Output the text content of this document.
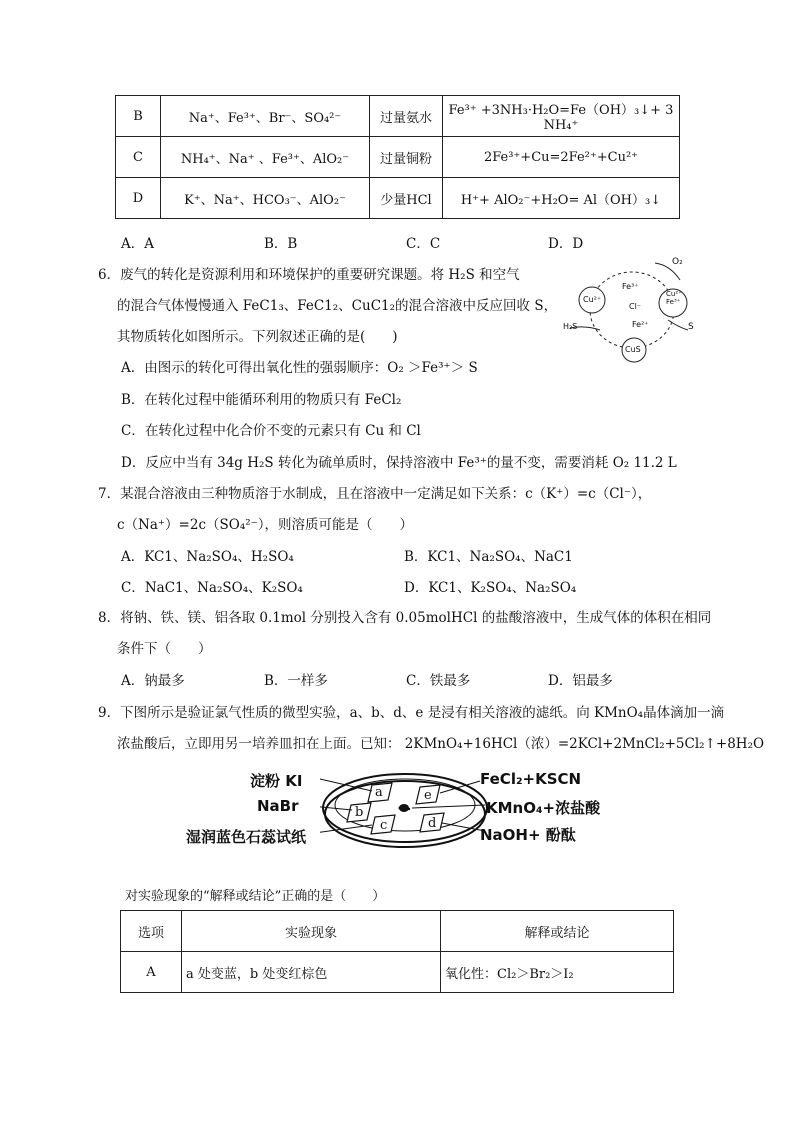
B	Na⁺、Fe³⁺、Br⁻、SO₄²⁻	过量氨水	Fe³⁺ +3NH₃·H₂O=Fe（OH）₃↓+ 3 NH₄⁺
C	NH₄⁺、Na⁺ 、Fe³⁺、AlO₂⁻	过量铜粉	2Fe³⁺+Cu=2Fe²⁺+Cu²⁺
D	K⁺、Na⁺、HCO₃⁻、AlO₂⁻	少量HCl	H⁺+ AlO₂⁻+H₂O= Al（OH）₃↓
A．A	B．B	C．C	D．D
6．废气的转化是资源利用和环境保护的重要研究课题。将 H₂S 和空气
的混合气体慢慢通入 FeC1₃、FeC1₂、CuC1₂的混合溶液中反应回收 S，
其物质转化如图所示。下列叙述正确的是(　　)
O₂
Fe³⁺
Cl⁻
Fe²⁺
Cu²⁺
Cu²⁺ Fe³⁺
H₂S	S
CuS
A．由图示的转化可得出氧化性的强弱顺序：O₂ ＞Fe³⁺＞ S
B．在转化过程中能循环利用的物质只有 FeCl₂
C．在转化过程中化合价不变的元素只有 Cu 和 Cl
D．反应中当有 34g H₂S 转化为硫单质时，保持溶液中 Fe³⁺的量不变，需要消耗 O₂ 11.2 L
7．某混合溶液由三种物质溶于水制成，且在溶液中一定满足如下关系：c（K⁺）=c（Cl⁻），
c（Na⁺）=2c（SO₄²⁻），则溶质可能是（　　）
A．KC1、Na₂SO₄、H₂SO₄	B．KC1、Na₂SO₄、NaC1
C．NaC1、Na₂SO₄、K₂SO₄	D．KC1、K₂SO₄、Na₂SO₄
8．将钠、铁、镁、铝各取 0.1mol 分别投入含有 0.05molHCl 的盐酸溶液中，生成气体的体积在相同
条件下（　　）
A．钠最多	B．一样多	C．铁最多	D．铝最多
9．下图所示是验证氯气性质的微型实验，a、b、d、e 是浸有相关溶液的滤纸。向 KMnO₄晶体滴加一滴
浓盐酸后，立即用另一培养皿扣在上面。已知： 2KMnO₄+16HCl（浓）=2KCl+2MnCl₂+5Cl₂↑+8H₂O
a
b
c
e
d
淀粉 KI
NaBr
湿润蓝色石蕊试纸
FeCl₂+KSCN
KMnO₄+浓盐酸
NaOH+ 酚酞
对实验现象的“解释或结论”正确的是（　　）
选项	实验现象	解释或结论
A	a 处变蓝，b 处变红棕色	氧化性：Cl₂＞Br₂＞I₂
